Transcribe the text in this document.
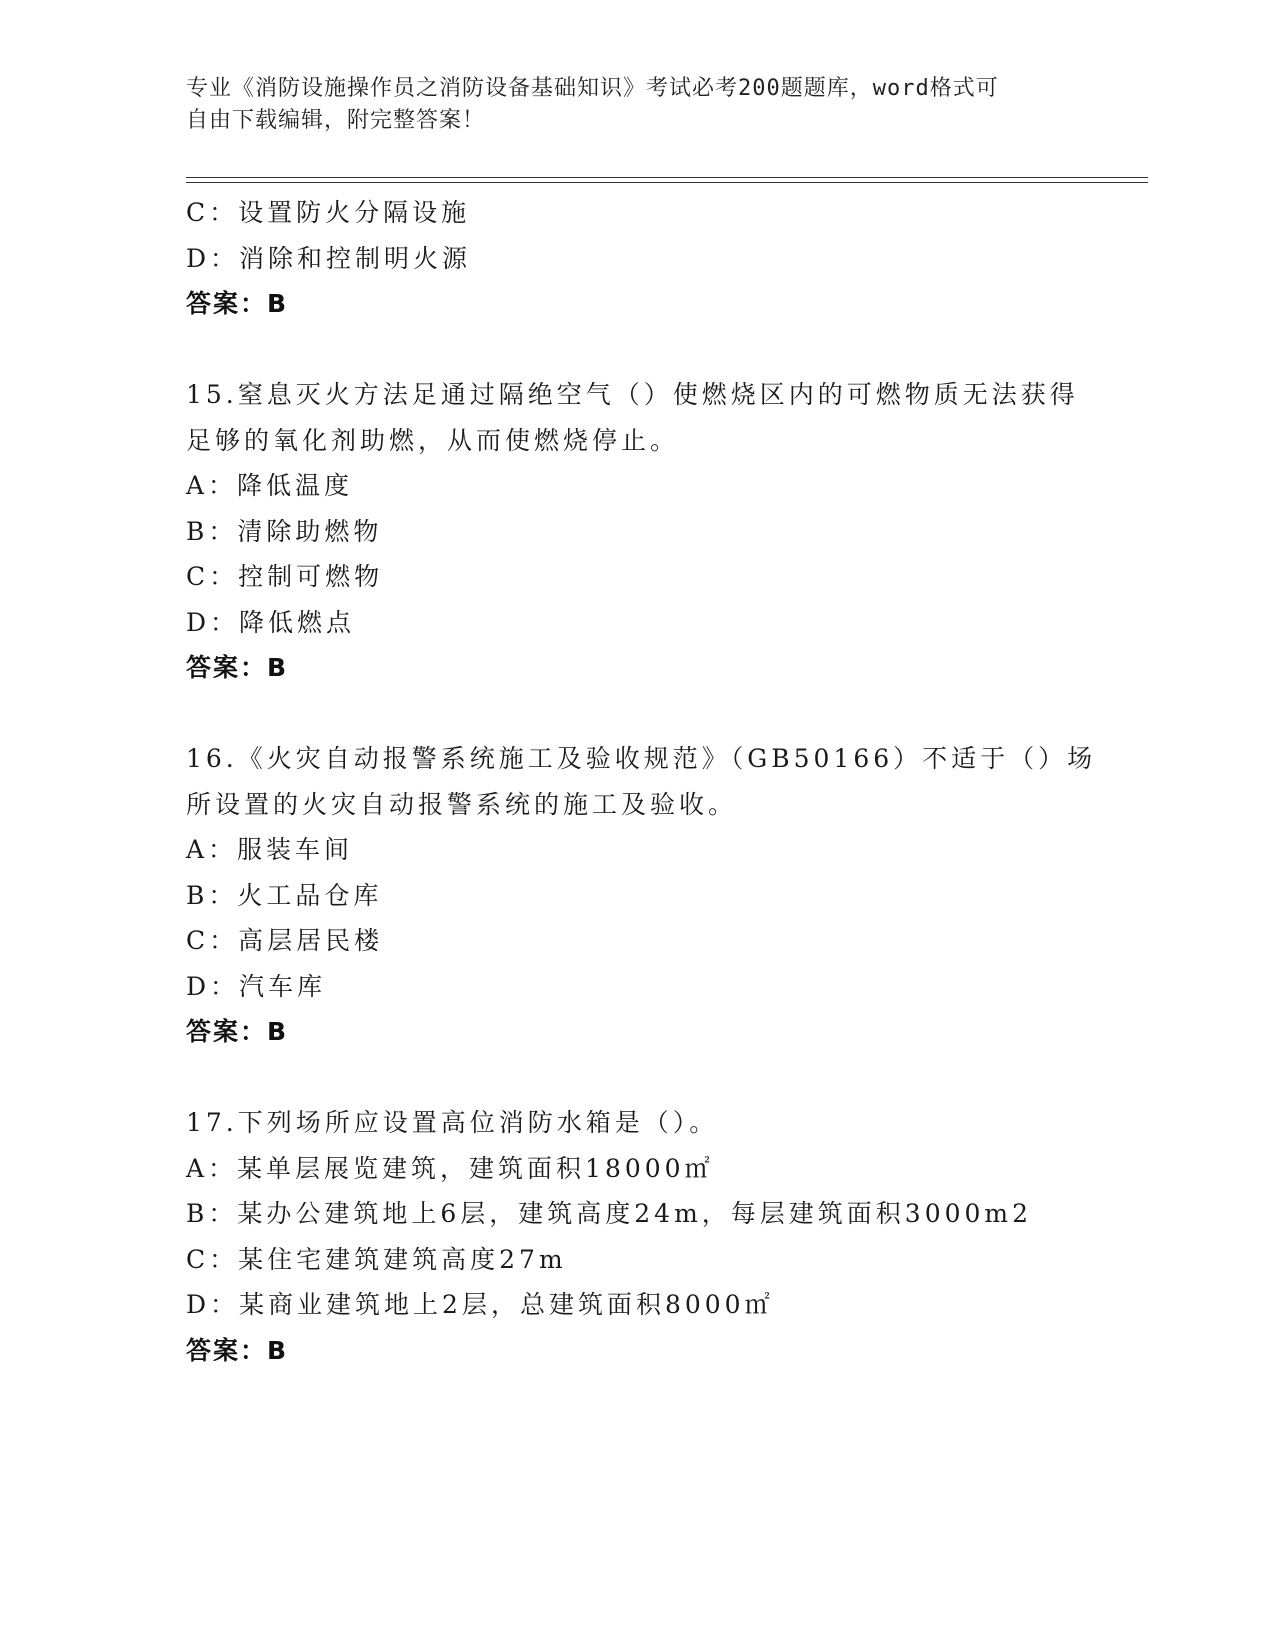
专业《消防设施操作员之消防设备基础知识》考试必考200题题库，word格式可
自由下载编辑，附完整答案！
C：设置防火分隔设施
D：消除和控制明火源
答案：B
15.窒息灭火方法足通过隔绝空气（）使燃烧区内的可燃物质无法获得
足够的氧化剂助燃，从而使燃烧停止。
A：降低温度
B：清除助燃物
C：控制可燃物
D：降低燃点
答案：B
16.《火灾自动报警系统施工及验收规范》（GB50166）不适于（）场
所设置的火灾自动报警系统的施工及验收。
A：服装车间
B：火工品仓库
C：高层居民楼
D：汽车库
答案：B
17.下列场所应设置高位消防水箱是（）。
A：某单层展览建筑，建筑面积18000㎡
B：某办公建筑地上6层，建筑高度24m，每层建筑面积3000m2
C：某住宅建筑建筑高度27m
D：某商业建筑地上2层，总建筑面积8000㎡
答案：B
